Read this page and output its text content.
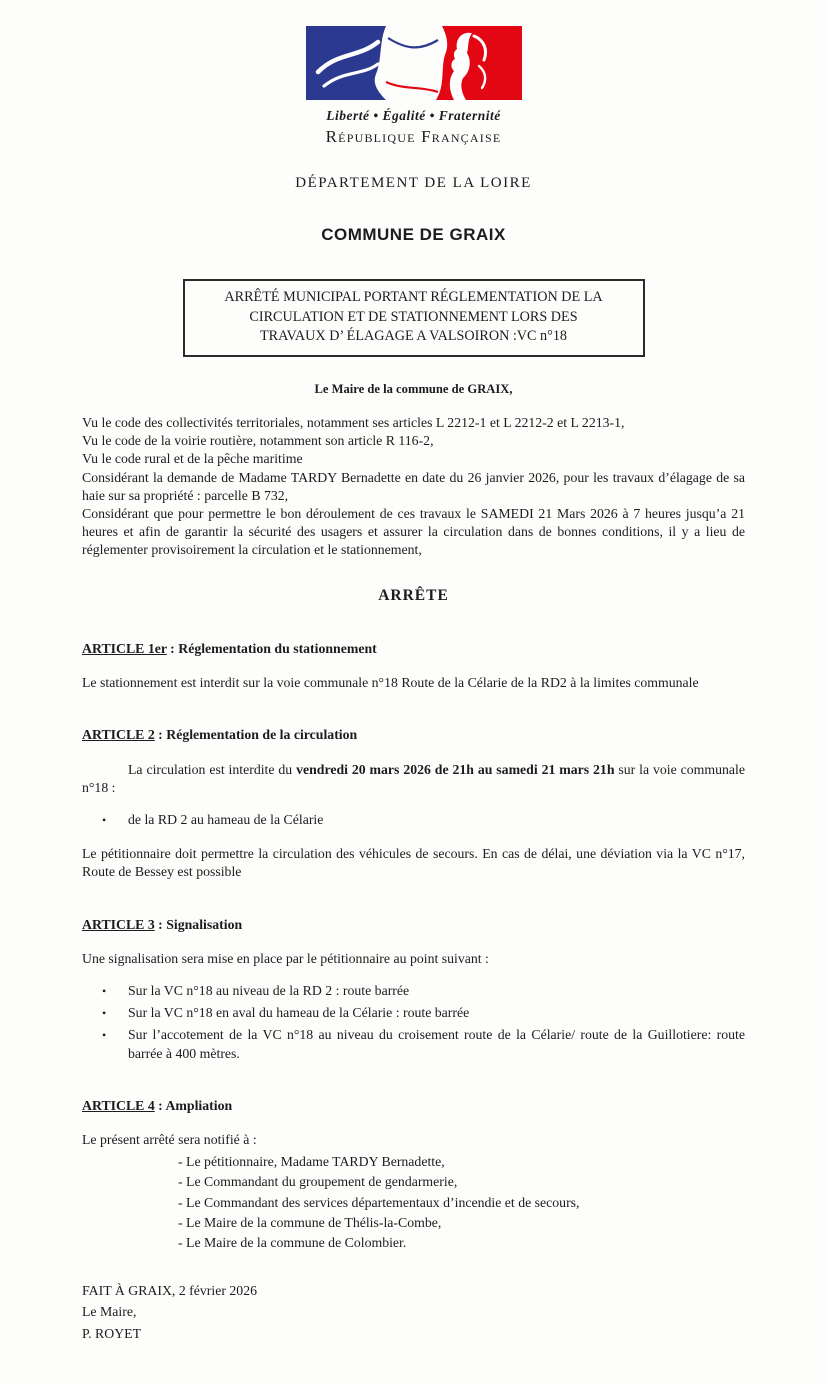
Liberté • Égalité • Fraternité
République Française
DÉPARTEMENT DE LA LOIRE
COMMUNE DE GRAIX
ARRÊTÉ MUNICIPAL PORTANT RÉGLEMENTATION DE LA
CIRCULATION ET DE STATIONNEMENT LORS DES
TRAVAUX D’ ÉLAGAGE A VALSOIRON :VC n°18
Le Maire de la commune de GRAIX,

Vu le code des collectivités territoriales, notamment ses articles L 2212-1 et L 2212-2 et L 2213-1,

Vu le code de la voirie routière, notamment son article R 116-2,

Vu le code rural et de la pêche maritime

Considérant la demande de Madame TARDY Bernadette en date du 26 janvier 2026, pour les travaux d’élagage de sa haie sur sa propriété : parcelle B 732,

Considérant que pour permettre le bon déroulement de ces travaux le SAMEDI 21 Mars 2026 à 7 heures jusqu’a 21 heures et afin de garantir la sécurité des usagers et assurer la circulation dans de bonnes conditions, il y a lieu de réglementer provisoirement la circulation et le stationnement,

ARRÊTE
ARTICLE 1er : Réglementation du stationnement

Le stationnement est interdit sur la voie communale n°18 Route de la Célarie de la RD2 à la limites communale

ARTICLE 2 : Réglementation de la circulation

La circulation est interdite du vendredi 20 mars 2026 de 21h au samedi 21 mars 21h sur la voie communale n°18 :

•
de la RD 2 au hameau de la Célarie

Le pétitionnaire doit permettre la circulation des véhicules de secours. En cas de délai, une déviation via la VC n°17, Route de Bessey est possible

ARTICLE 3 : Signalisation

Une signalisation sera mise en place par le pétitionnaire au point suivant :

•
Sur la VC n°18 au niveau de la RD 2 : route barrée
•
Sur la VC n°18 en aval du hameau de la Célarie : route barrée
•
Sur l’accotement de la VC n°18 au niveau du croisement route de la Célarie/ route de la Guillotiere: route barrée à 400 mètres.
ARTICLE 4 : Ampliation

Le présent arrêté sera notifié à :

- Le pétitionnaire, Madame TARDY Bernadette,
- Le Commandant du groupement de gendarmerie,
- Le Commandant des services départementaux d’incendie et de secours,
- Le Maire de la commune de Thélis-la-Combe,
- Le Maire de la commune de Colombier.
FAIT À GRAIX, 2 février 2026
Le Maire,
P. ROYET
